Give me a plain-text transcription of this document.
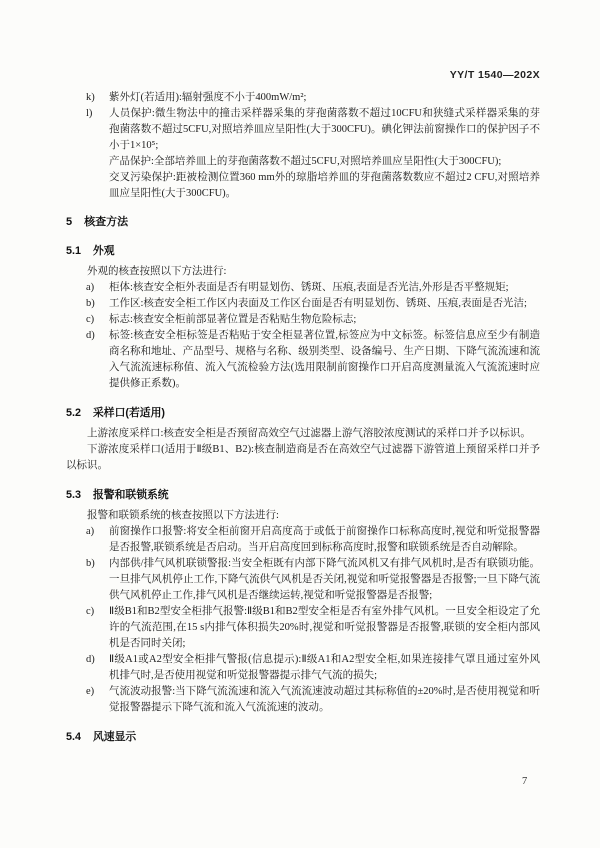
YY/T 1540—202X
k) 紫外灯(若适用):辐射强度不小于400mW/m²;

l) 人员保护:微生物法中的撞击采样器采集的芽孢菌落数不超过10CFU和狭缝式采样器采集的芽孢菌落数不超过5CFU,对照培养皿应呈阳性(大于300CFU)。碘化钾法前窗操作口的保护因子不小于1×10⁵;

产品保护:全部培养皿上的芽孢菌落数不超过5CFU,对照培养皿应呈阳性(大于300CFU);

交叉污染保护:距被检测位置360 mm外的琼脂培养皿的芽孢菌落数数应不超过2 CFU,对照培养皿应呈阳性(大于300CFU)。

5 核查方法
5.1 外观

外观的核查按照以下方法进行:

a) 柜体:核查安全柜外表面是否有明显划伤、锈斑、压痕,表面是否光洁,外形是否平整规矩;

b) 工作区:核查安全柜工作区内表面及工作区台面是否有明显划伤、锈斑、压痕,表面是否光洁;

c) 标志:核查安全柜前部显著位置是否粘贴生物危险标志;

d) 标签:核查安全柜标签是否粘贴于安全柜显著位置,标签应为中文标签。标签信息应至少有制造商名称和地址、产品型号、规格与名称、级别类型、设备编号、生产日期、下降气流流速和流入气流流速标称值、流入气流检验方法(选用限制前窗操作口开启高度测量流入气流流速时应提供修正系数)。

5.2 采样口(若适用)

上游浓度采样口:核查安全柜是否预留高效空气过滤器上游气溶胶浓度测试的采样口并予以标识。

下游浓度采样口(适用于Ⅱ级B1、B2):核查制造商是否在高效空气过滤器下游管道上预留采样口并予以标识。

5.3 报警和联锁系统

报警和联锁系统的核查按照以下方法进行:

a) 前窗操作口报警:将安全柜前窗开启高度高于或低于前窗操作口标称高度时,视觉和听觉报警器是否报警,联锁系统是否启动。当开启高度回到标称高度时,报警和联锁系统是否自动解除。

b) 内部供/排气风机联锁警报:当安全柜既有内部下降气流风机又有排气风机时,是否有联锁功能。一旦排气风机停止工作,下降气流供气风机是否关闭,视觉和听觉报警器是否报警;一旦下降气流供气风机停止工作,排气风机是否继续运转,视觉和听觉报警器是否报警;

c) Ⅱ级B1和B2型安全柜排气报警:Ⅱ级B1和B2型安全柜是否有室外排气风机。一旦安全柜设定了允许的气流范围,在15 s内排气体积损失20%时,视觉和听觉报警器是否报警,联锁的安全柜内部风机是否同时关闭;

d) Ⅱ级A1或A2型安全柜排气警报(信息提示):Ⅱ级A1和A2型安全柜,如果连接排气罩且通过室外风机排气时,是否使用视觉和听觉报警器提示排气气流的损失;

e) 气流波动报警:当下降气流流速和流入气流流速波动超过其标称值的±20%时,是否使用视觉和听觉报警器提示下降气流和流入气流流速的波动。

5.4 风速显示
7
